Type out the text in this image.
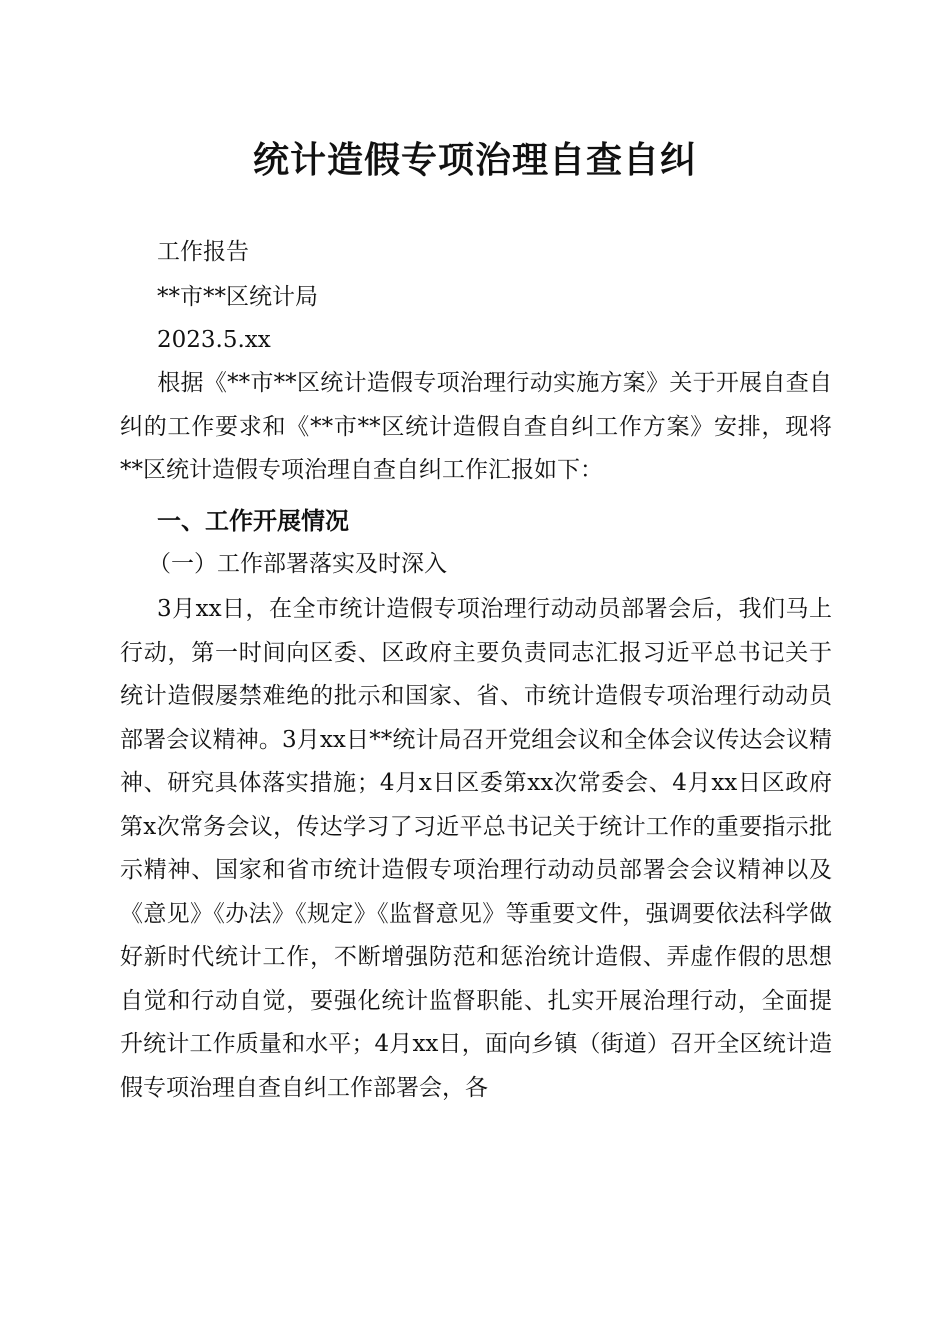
统计造假专项治理自查自纠
工作报告
**市**区统计局
2023.5.xx
根据《**市**区统计造假专项治理行动实施方案》关于开展自查自纠的工作要求和《**市**区统计造假自查自纠工作方案》安排，现将**区统计造假专项治理自查自纠工作汇报如下：
一、工作开展情况
（一）工作部署落实及时深入
3月xx日，在全市统计造假专项治理行动动员部署会后，我们马上行动，第一时间向区委、区政府主要负责同志汇报习近平总书记关于统计造假屡禁难绝的批示和国家、省、市统计造假专项治理行动动员部署会议精神。3月xx日**统计局召开党组会议和全体会议传达会议精神、研究具体落实措施；4月x日区委第xx次常委会、4月xx日区政府第x次常务会议，传达学习了习近平总书记关于统计工作的重要指示批示精神、国家和省市统计造假专项治理行动动员部署会会议精神以及《意见》《办法》《规定》《监督意见》等重要文件，强调要依法科学做好新时代统计工作，不断增强防范和惩治统计造假、弄虚作假的思想自觉和行动自觉，要强化统计监督职能、扎实开展治理行动，全面提升统计工作质量和水平；4月xx日，面向乡镇（街道）召开全区统计造假专项治理自查自纠工作部署会，各
